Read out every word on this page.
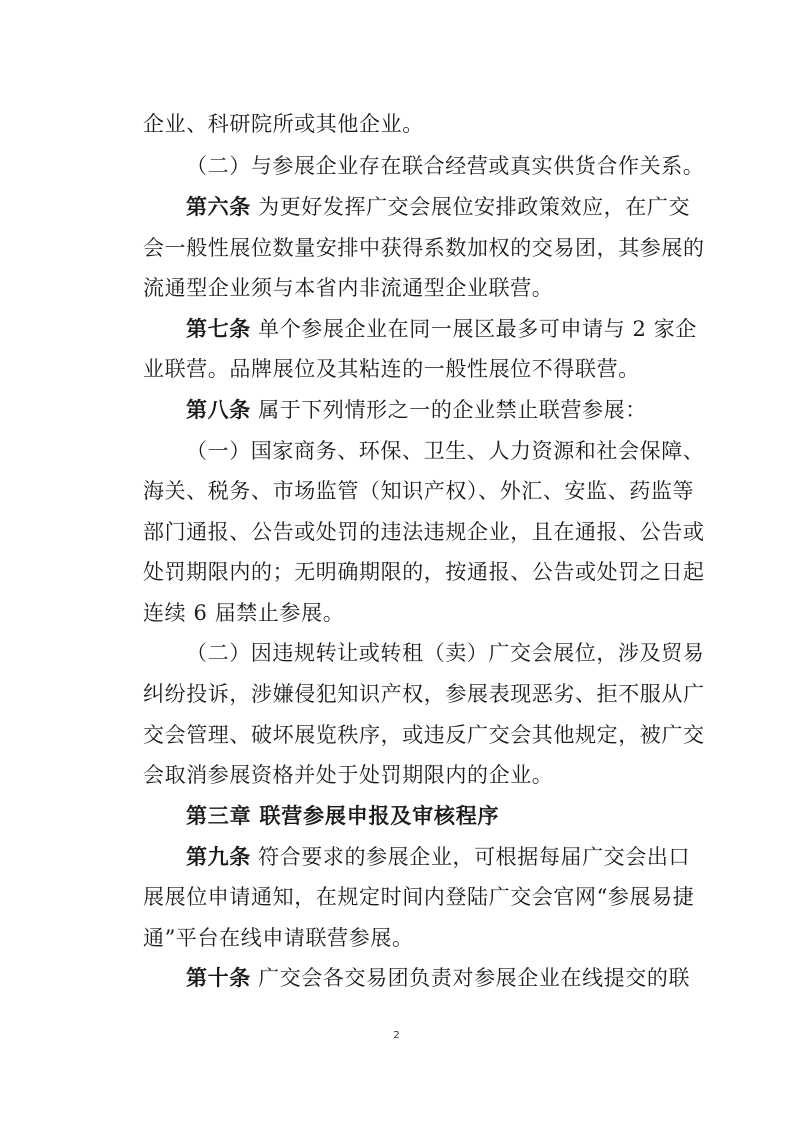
企业、科研院所或其他企业。
（二）与参展企业存在联合经营或真实供货合作关系。
第六条 为更好发挥广交会展位安排政策效应，在广交
会一般性展位数量安排中获得系数加权的交易团，其参展的
流通型企业须与本省内非流通型企业联营。
第七条 单个参展企业在同一展区最多可申请与 2 家企
业联营。品牌展位及其粘连的一般性展位不得联营。
第八条 属于下列情形之一的企业禁止联营参展：
（一）国家商务、环保、卫生、人力资源和社会保障、
海关、税务、市场监管（知识产权）、外汇、安监、药监等
部门通报、公告或处罚的违法违规企业，且在通报、公告或
处罚期限内的；无明确期限的，按通报、公告或处罚之日起
连续 6 届禁止参展。
（二）因违规转让或转租（卖）广交会展位，涉及贸易
纠纷投诉，涉嫌侵犯知识产权，参展表现恶劣、拒不服从广
交会管理、破坏展览秩序，或违反广交会其他规定，被广交
会取消参展资格并处于处罚期限内的企业。
第三章 联营参展申报及审核程序
第九条 符合要求的参展企业，可根据每届广交会出口
展展位申请通知，在规定时间内登陆广交会官网“参展易捷
通”平台在线申请联营参展。
第十条 广交会各交易团负责对参展企业在线提交的联
2
